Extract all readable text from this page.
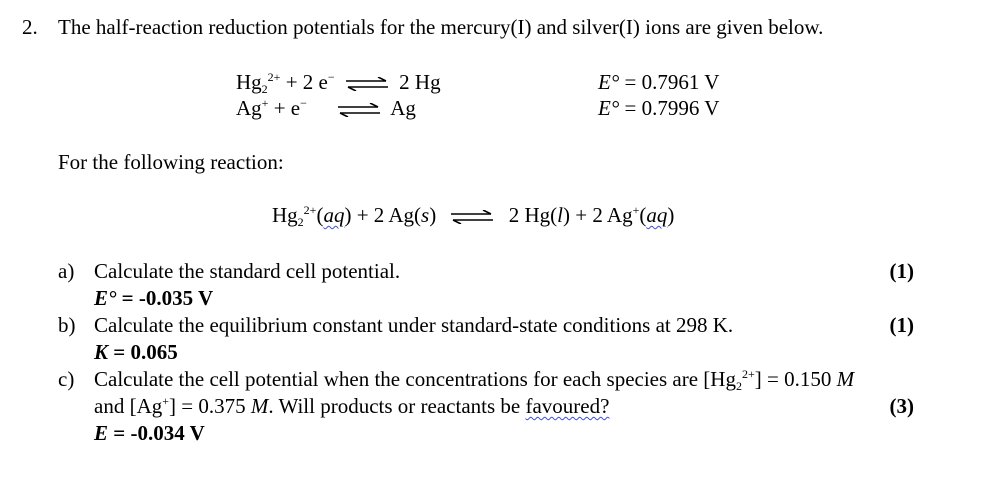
2. The half-reaction reduction potentials for the mercury(I) and silver(I) ions are given below.
$Hg_2^{2+} + 2$ e− ⇌ 2 Hg	E° = 0.7961 V
Ag+ + e− ⇌ Ag	E° = 0.7996 V
For the following reaction:
$Hg_2^{2+}(aq) + 2$ Ag(s) ⇌ 2 Hg(l) + 2 Ag+(aq)
a) Calculate the standard cell potential.	(1)
E° = -0.035 V
b) Calculate the equilibrium constant under standard-state conditions at 298 K.	(1)
K = 0.065
c) Calculate the cell potential when the concentrations for each species are $[Hg_2^{2+}] = 0.150$ M
and [Ag+] = 0.375 M. Will products or reactants be favoured?	(3)
E = -0.034 V
